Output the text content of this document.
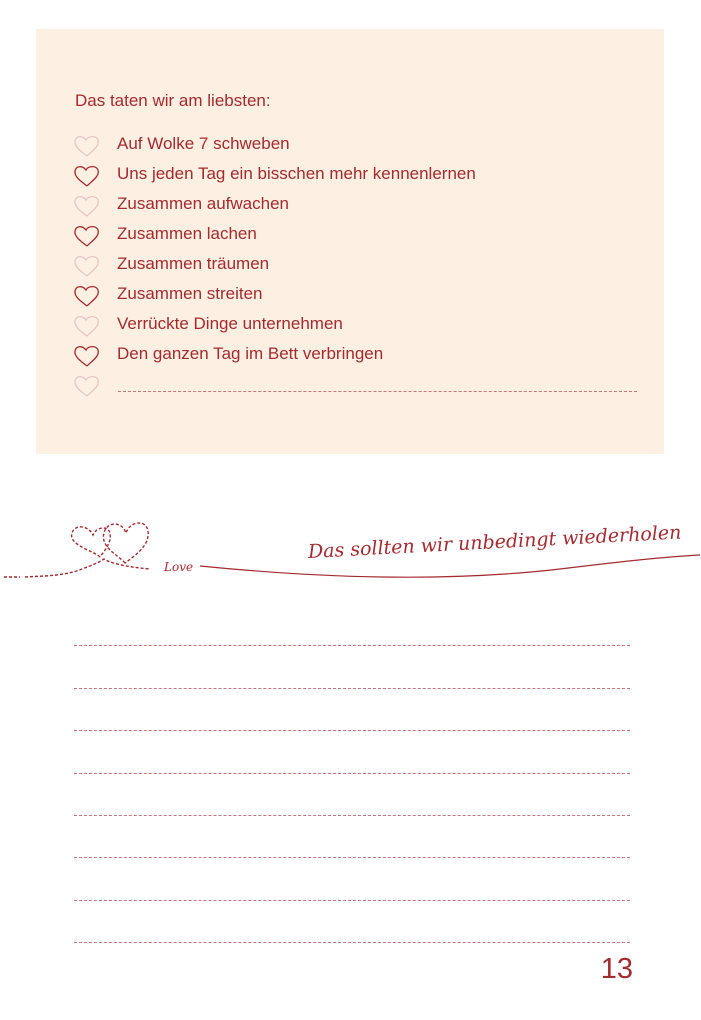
Das taten wir am liebsten:
Auf Wolke 7 schweben
Uns jeden Tag ein bisschen mehr kennenlernen
Zusammen aufwachen
Zusammen lachen
Zusammen träumen
Zusammen streiten
Verrückte Dinge unternehmen
Den ganzen Tag im Bett verbringen
Love
Das sollten wir unbedingt wiederholen
13
